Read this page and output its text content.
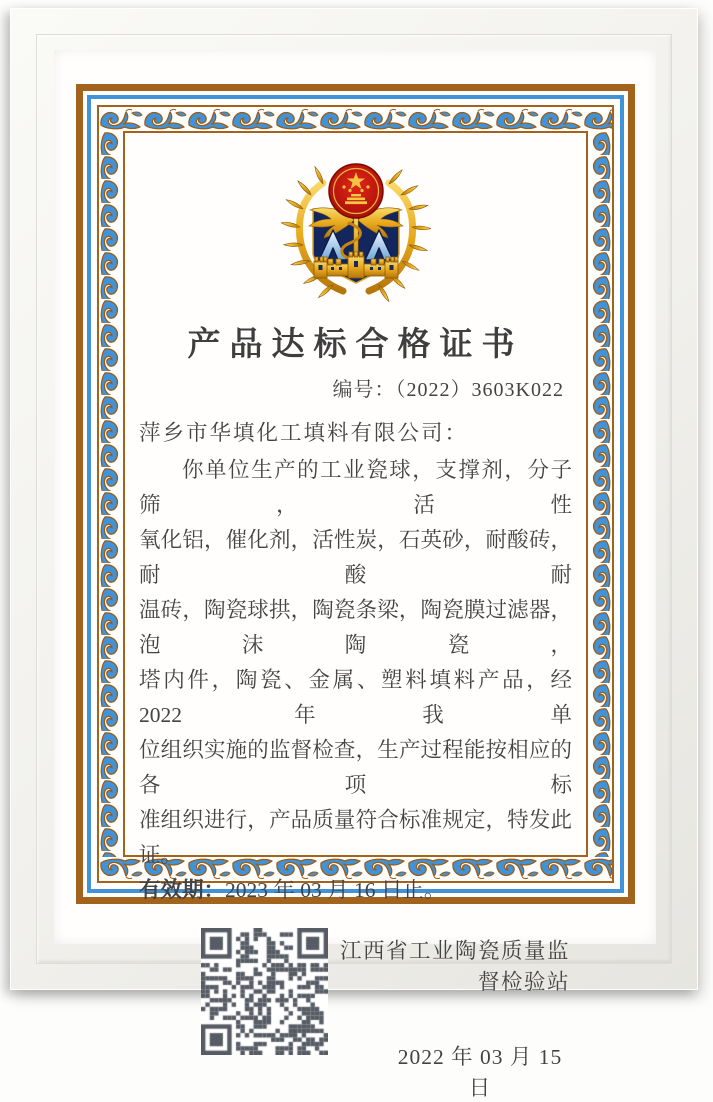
产品达标合格证书
编号：（2022）3603K022
萍乡市华填化工填料有限公司：
你单位生产的工业瓷球，支撑剂，分子筛，活性
氧化铝，催化剂，活性炭，石英砂，耐酸砖，耐酸耐
温砖，陶瓷球拱，陶瓷条梁，陶瓷膜过滤器，泡沫陶瓷，
塔内件，陶瓷、金属、塑料填料产品，经 2022 年我单
位组织实施的监督检查，生产过程能按相应的各项标
准组织进行，产品质量符合标准规定，特发此证。
有效期：2023 年 03 月 16 日止。
江西省工业陶瓷质量监督检验站
2022 年 03 月 15 日
